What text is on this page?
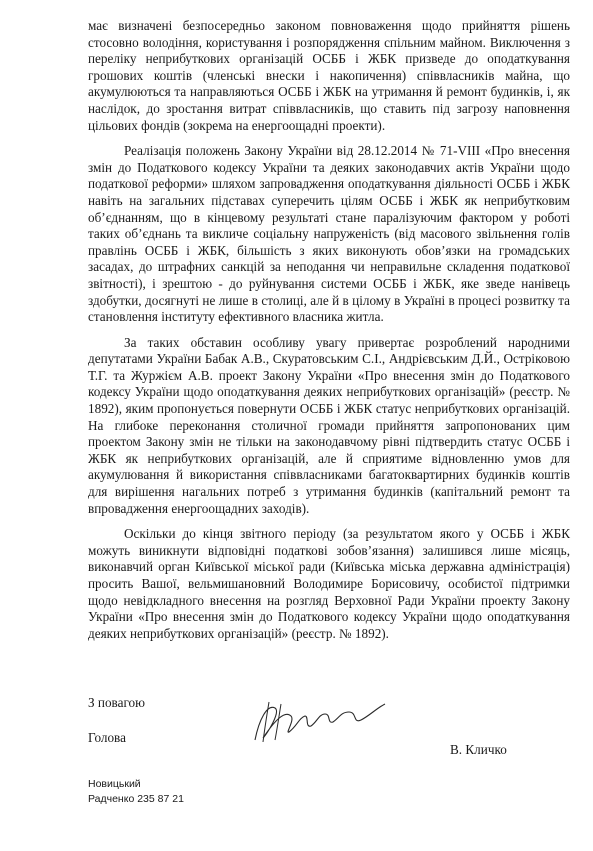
має визначені безпосередньо законом повноваження щодо прийняття рішень стосовно володіння, користування і розпорядження спільним майном. Виключення з переліку неприбуткових організацій ОСББ і ЖБК призведе до оподаткування грошових коштів (членські внески і накопичення) співвласників майна, що акумулюються та направляються ОСББ і ЖБК на утримання й ремонт будинків, і, як наслідок, до зростання витрат співвласників, що ставить під загрозу наповнення цільових фондів (зокрема на енергоощадні проекти).

Реалізація положень Закону України від 28.12.2014 № 71-VIII «Про внесення змін до Податкового кодексу України та деяких законодавчих актів України щодо податкової реформи» шляхом запровадження оподаткування діяльності ОСББ і ЖБК навіть на загальних підставах суперечить цілям ОСББ і ЖБК як неприбутковим об’єднанням, що в кінцевому результаті стане паралізуючим фактором у роботі таких об’єднань та викличе соціальну напруженість (від масового звільнення голів правлінь ОСББ і ЖБК, більшість з яких виконують обов’язки на громадських засадах, до штрафних санкцій за неподання чи неправильне складення податкової звітності), і зрештою - до руйнування системи ОСББ і ЖБК, яке зведе нанівець здобутки, досягнуті не лише в столиці, але й в цілому в Україні в процесі розвитку та становлення інституту ефективного власника житла.

За таких обставин особливу увагу привертає розроблений народними депутатами України Бабак А.В., Скуратовським С.І., Андрієвським Д.Й., Остріковою Т.Г. та Журжієм А.В. проект Закону України «Про внесення змін до Податкового кодексу України щодо оподаткування деяких неприбуткових організацій» (реєстр. № 1892), яким пропонується повернути ОСББ і ЖБК статус неприбуткових організацій. На глибоке переконання столичної громади прийняття запропонованих цим проектом Закону змін не тільки на законодавчому рівні підтвердить статус ОСББ і ЖБК як неприбуткових організацій, але й сприятиме відновленню умов для акумулювання й використання співвласниками багатоквартирних будинків коштів для вирішення нагальних потреб з утримання будинків (капітальний ремонт та впровадження енергоощадних заходів).

Оскільки до кінця звітного періоду (за результатом якого у ОСББ і ЖБК можуть виникнути відповідні податкові зобов’язання) залишився лише місяць, виконавчий орган Київської міської ради (Київська міська державна адміністрація) просить Вашої, вельмишановний Володимире Борисовичу, особистої підтримки щодо невідкладного внесення на розгляд Верховної Ради України проекту Закону України «Про внесення змін до Податкового кодексу України щодо оподаткування деяких неприбуткових організацій» (реєстр. № 1892).

З повагою
Голова
В. Кличко
Новицький
Радченко 235 87 21
